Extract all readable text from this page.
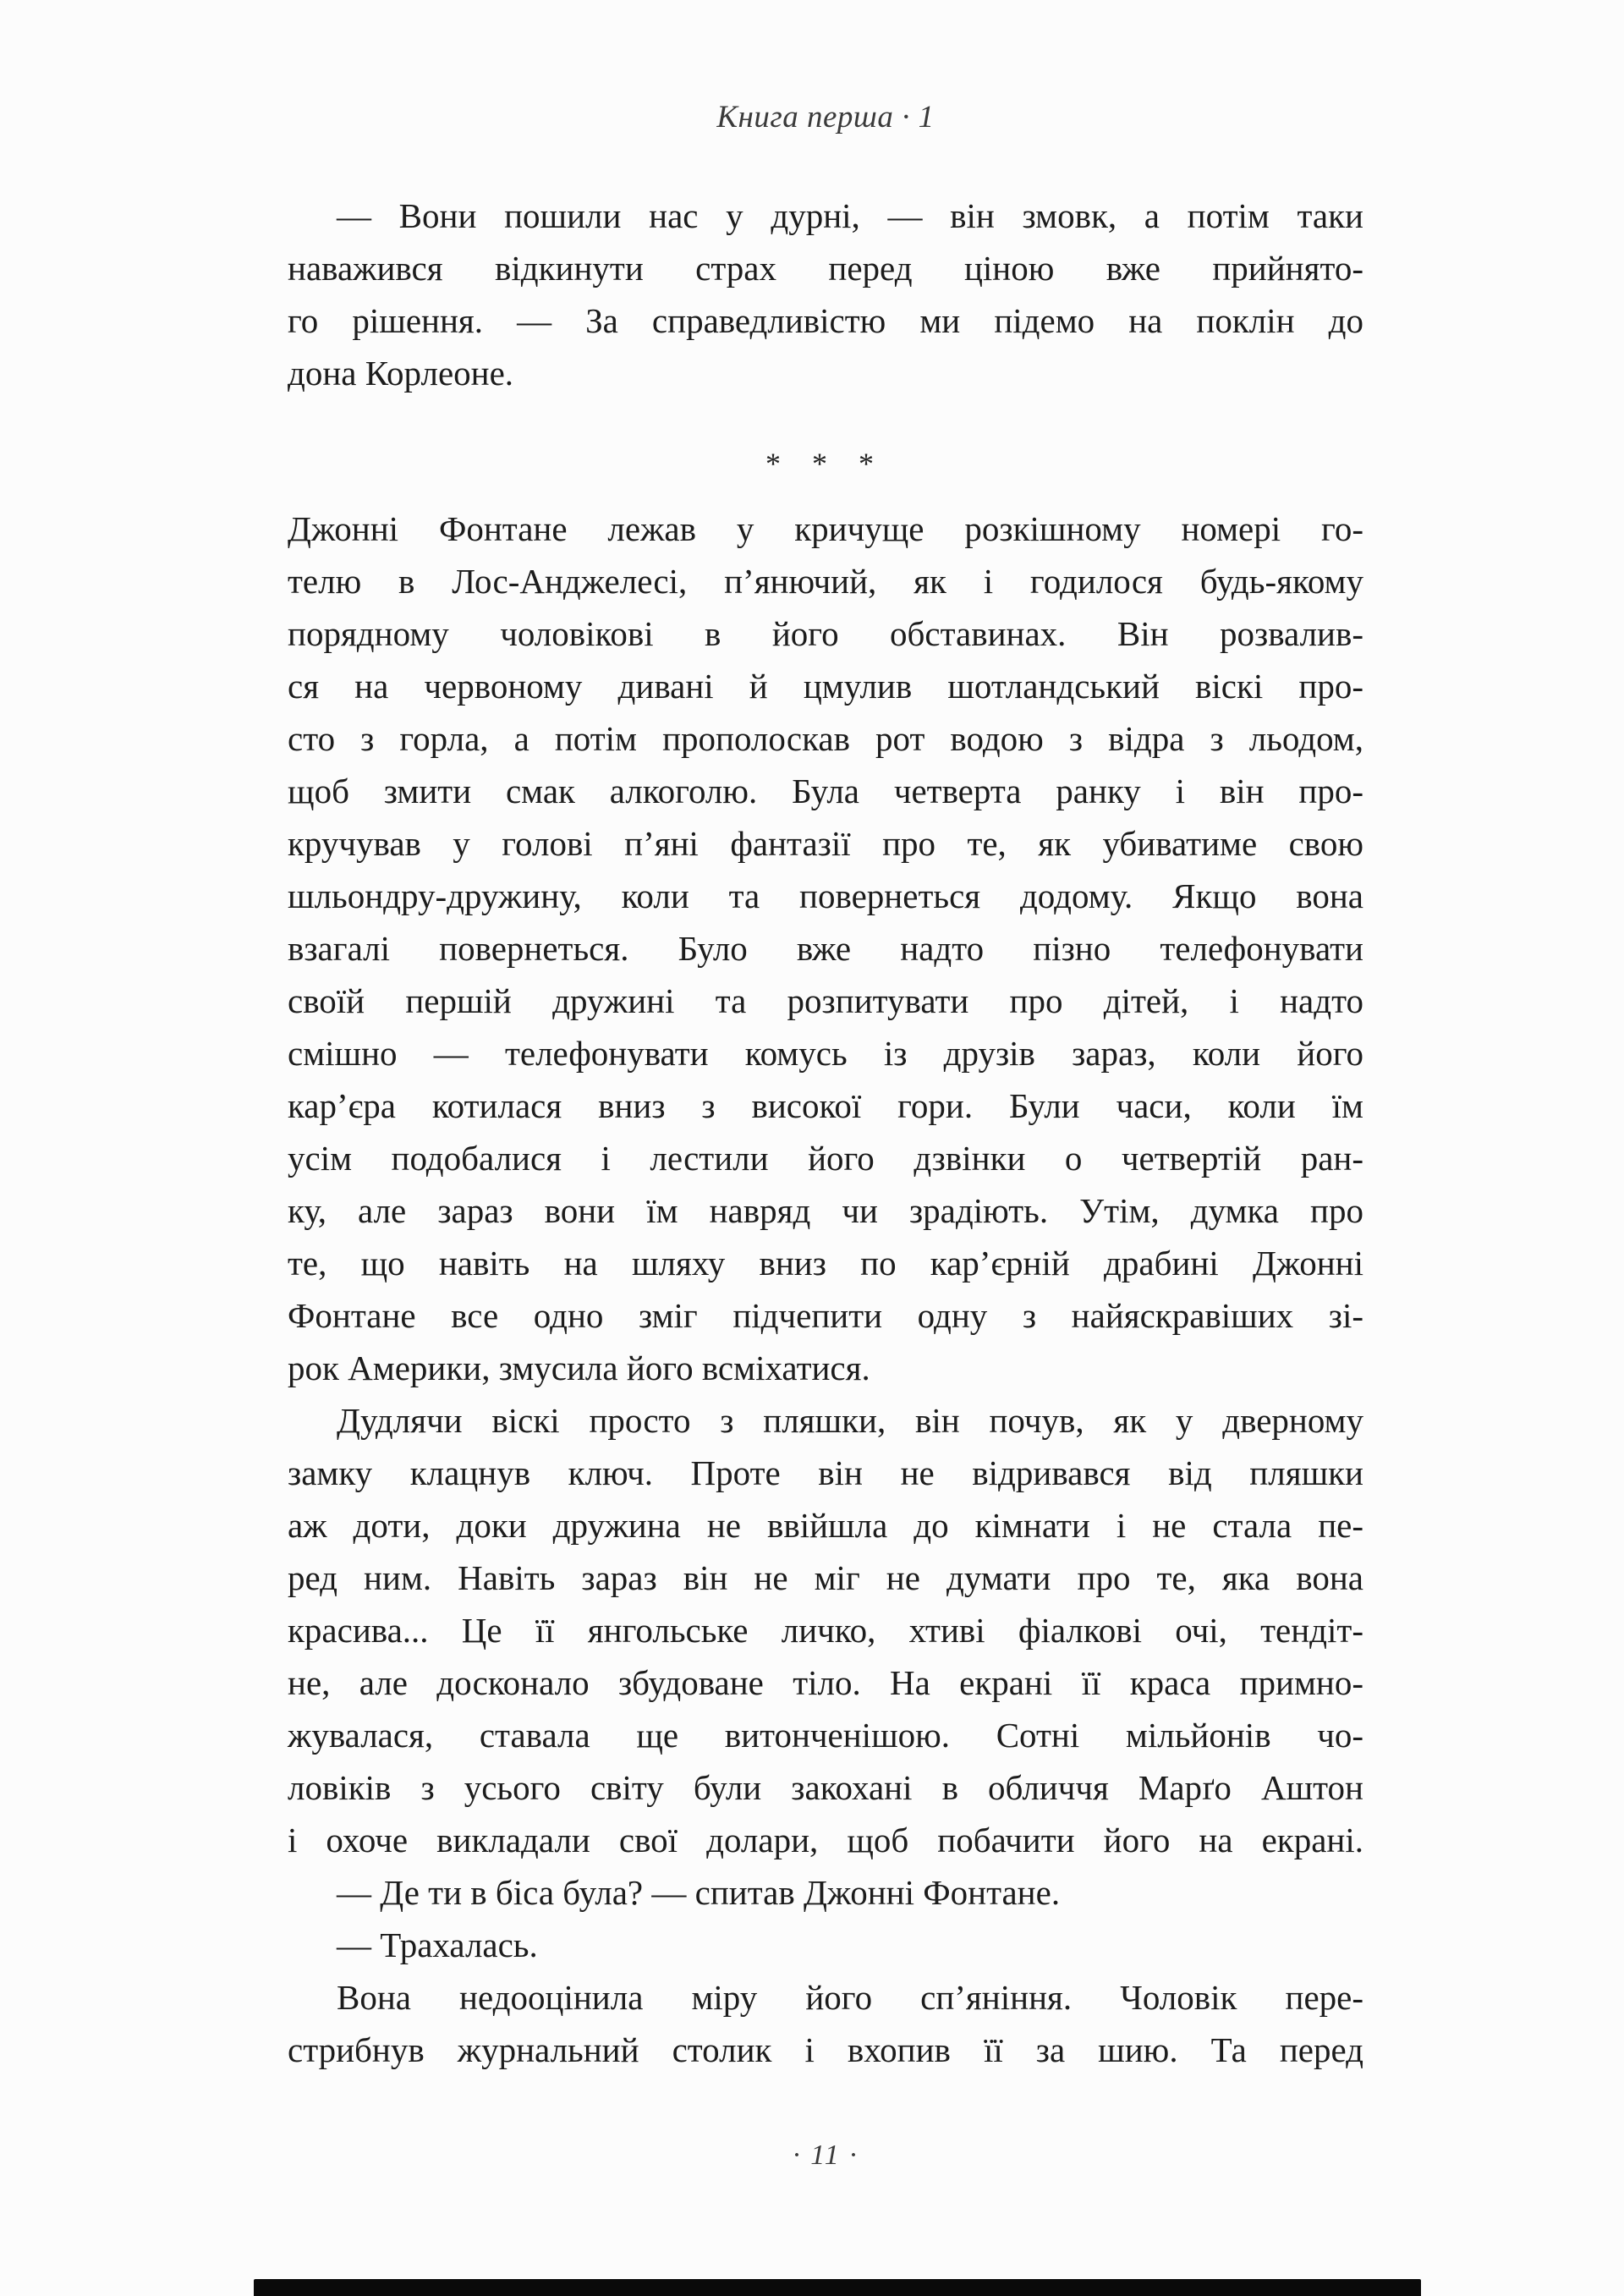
Книга перша · 1
— Вони пошили нас у дурні, — він змовк, а потім таки
наважився відкинути страх перед ціною вже прийнято-
го рішення. — За справедливістю ми підемо на поклін до
дона Корлеоне.
* * *
Джонні Фонтане лежав у кричуще розкішному номері го-
телю в Лос-Анджелесі, п’янючий, як і годилося будь-якому
порядному чоловікові в його обставинах. Він розвалив-
ся на червоному дивані й цмулив шотландський віскі про-
сто з горла, а потім прополоскав рот водою з відра з льодом,
щоб змити смак алкоголю. Була четверта ранку і він про-
кручував у голові п’яні фантазії про те, як убиватиме свою
шльондру-дружину, коли та повернеться додому. Якщо вона
взагалі повернеться. Було вже надто пізно телефонувати
своїй першій дружині та розпитувати про дітей, і надто
смішно — телефонувати комусь із друзів зараз, коли його
кар’єра котилася вниз з високої гори. Були часи, коли їм
усім подобалися і лестили його дзвінки о четвертій ран-
ку, але зараз вони їм навряд чи зрадіють. Утім, думка про
те, що навіть на шляху вниз по кар’єрній драбині Джонні
Фонтане все одно зміг підчепити одну з найяскравіших зі-
рок Америки, змусила його всміхатися.
Дудлячи віскі просто з пляшки, він почув, як у дверному
замку клацнув ключ. Проте він не відривався від пляшки
аж доти, доки дружина не ввійшла до кімнати і не стала пе-
ред ним. Навіть зараз він не міг не думати про те, яка вона
красива... Це її янгольське личко, хтиві фіалкові очі, тендіт-
не, але досконало збудоване тіло. На екрані її краса примно-
жувалася, ставала ще витонченішою. Сотні мільйонів чо-
ловіків з усього світу були закохані в обличчя Марґо Аштон
і охоче викладали свої долари, щоб побачити його на екрані.
— Де ти в біса була? — спитав Джонні Фонтане.
— Трахалась.
Вона недооцінила міру його сп’яніння. Чоловік пере-
стрибнув журнальний столик і вхопив її за шию. Та перед
· 11 ·
